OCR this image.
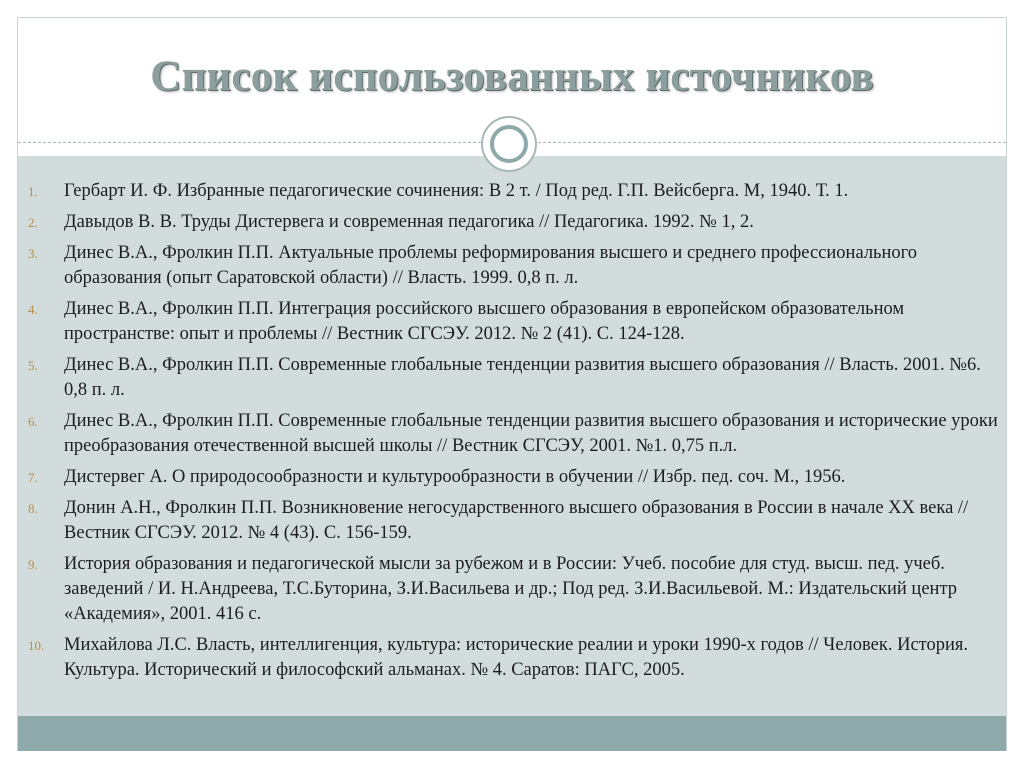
Список использованных источников
1.	Гербарт И. Ф. Избранные педагогические сочинения: В 2 т. / Под ред. Г.П. Вейсберга. М, 1940. Т. 1.
2.	Давыдов В. В. Труды Дистервега и современная педагогика // Педагогика. 1992. № 1, 2.
3.	Динес В.А., Фролкин П.П. Актуальные проблемы реформирования высшего и среднего профессионального образования (опыт Саратовской области) // Власть. 1999. 0,8 п. л.
4.	Динес В.А., Фролкин П.П. Интеграция российского высшего образования в европейском образовательном пространстве: опыт и проблемы // Вестник СГСЭУ. 2012. № 2 (41). С. 124-128.
5.	Динес В.А., Фролкин П.П. Современные глобальные тенденции развития высшего образования // Власть. 2001. №6. 0,8 п. л.
6.	Динес В.А., Фролкин П.П. Современные глобальные тенденции развития высшего образования и исторические уроки преобразования отечественной высшей школы // Вестник СГСЭУ, 2001. №1. 0,75 п.л.
7.	Дистервег А. О природосообразности и культурообразности в обучении // Избр. пед. соч. М., 1956.
8.	Донин А.Н., Фролкин П.П. Возникновение негосударственного высшего образования в России в начале XX века // Вестник СГСЭУ. 2012. № 4 (43). С. 156-159.
9.	История образования и педагогической мысли за рубежом и в России: Учеб. пособие для студ. высш. пед. учеб. заведений / И. Н.Андреева, Т.С.Буторина, З.И.Васильева и др.; Под ред. З.И.Васильевой. М.: Издательский центр «Академия», 2001. 416 с.
10.	Михайлова Л.С. Власть, интеллигенция, культура: исторические реалии и уроки 1990-х годов // Человек. История. Культура. Исторический и философский альманах. № 4. Саратов: ПАГС, 2005.
